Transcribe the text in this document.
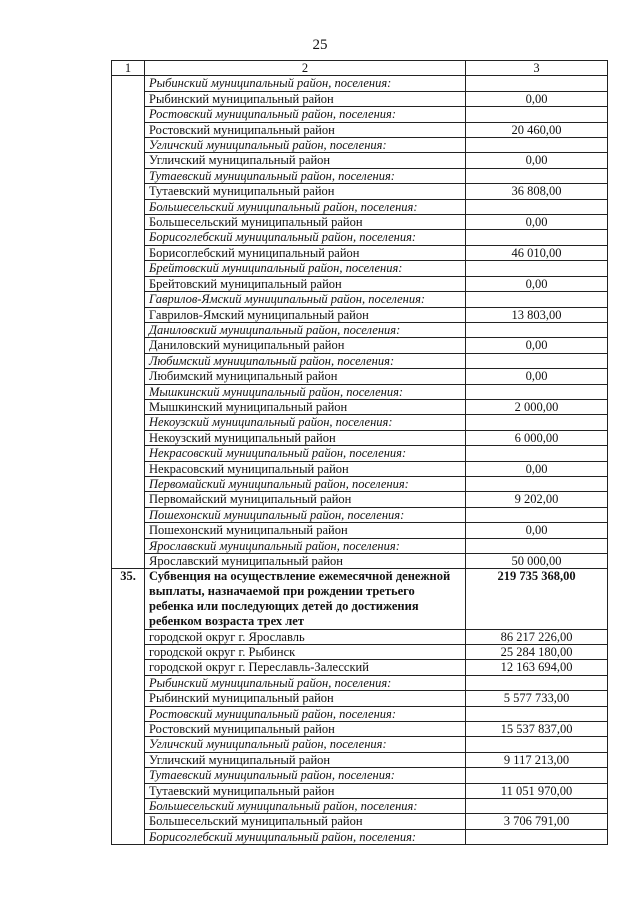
25
1	2	3
	Рыбинский муниципальный район, поселения:	
	Рыбинский муниципальный район	0,00
	Ростовский муниципальный район, поселения:	
	Ростовский муниципальный район	20 460,00
	Угличский муниципальный район, поселения:	
	Угличский муниципальный район	0,00
	Тутаевский муниципальный район, поселения:	
	Тутаевский муниципальный район	36 808,00
	Большесельский муниципальный район, поселения:	
	Большесельский муниципальный район	0,00
	Борисоглебский муниципальный район, поселения:	
	Борисоглебский муниципальный район	46 010,00
	Брейтовский муниципальный район, поселения:	
	Брейтовский муниципальный район	0,00
	Гаврилов-Ямский муниципальный район, поселения:	
	Гаврилов-Ямский муниципальный район	13 803,00
	Даниловский муниципальный район, поселения:	
	Даниловский муниципальный район	0,00
	Любимский муниципальный район, поселения:	
	Любимский муниципальный район	0,00
	Мышкинский муниципальный район, поселения:	
	Мышкинский муниципальный район	2 000,00
	Некоузский муниципальный район, поселения:	
	Некоузский муниципальный район	6 000,00
	Некрасовский муниципальный район, поселения:	
	Некрасовский муниципальный район	0,00
	Первомайский муниципальный район, поселения:	
	Первомайский муниципальный район	9 202,00
	Пошехонский муниципальный район, поселения:	
	Пошехонский муниципальный район	0,00
	Ярославский муниципальный район, поселения:	
	Ярославский муниципальный район	50 000,00
35.	Субвенция на осуществление ежемесячной денежной выплаты, назначаемой при рождении третьего ребенка или последующих детей до достижения ребенком возраста трех лет	219 735 368,00
	городской округ г. Ярославль	86 217 226,00
	городской округ г. Рыбинск	25 284 180,00
	городской округ г. Переславль-Залесский	12 163 694,00
	Рыбинский муниципальный район, поселения:	
	Рыбинский муниципальный район	5 577 733,00
	Ростовский муниципальный район, поселения:	
	Ростовский муниципальный район	15 537 837,00
	Угличский муниципальный район, поселения:	
	Угличский муниципальный район	9 117 213,00
	Тутаевский муниципальный район, поселения:	
	Тутаевский муниципальный район	11 051 970,00
	Большесельский муниципальный район, поселения:	
	Большесельский муниципальный район	3 706 791,00
	Борисоглебский муниципальный район, поселения:	
